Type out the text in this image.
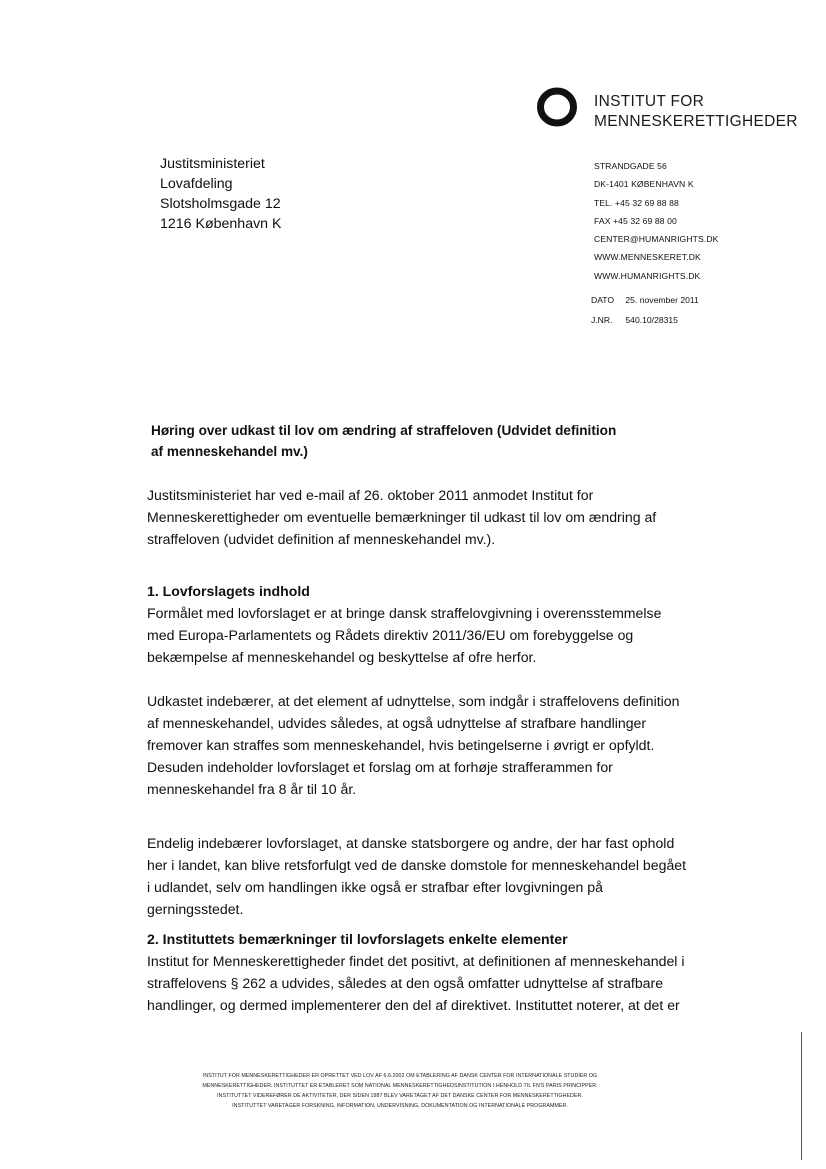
INSTITUT FOR
MENNESKERETTIGHEDER
Justitsministeriet
Lovafdeling
Slotsholmsgade 12
1216 København K
STRANDGADE 56
DK-1401 KØBENHAVN K
TEL. +45 32 69 88 88
FAX +45 32 69 88 00
CENTER@HUMANRIGHTS.DK
WWW.MENNESKERET.DK
WWW.HUMANRIGHTS.DK
DATO 25. november 2011
J.NR. 540.10/28315
Høring over udkast til lov om ændring af straffeloven (Udvidet definition af menneskehandel mv.)
Justitsministeriet har ved e-mail af 26. oktober 2011 anmodet Institut for Menneskerettigheder om eventuelle bemærkninger til udkast til lov om ændring af straffeloven (udvidet definition af menneskehandel mv.).
1. Lovforslagets indhold
Formålet med lovforslaget er at bringe dansk straffelovgivning i overensstemmelse med Europa-Parlamentets og Rådets direktiv 2011/36/EU om forebyggelse og bekæmpelse af menneskehandel og beskyttelse af ofre herfor.
Udkastet indebærer, at det element af udnyttelse, som indgår i straffelovens definition af menneskehandel, udvides således, at også udnyttelse af strafbare handlinger fremover kan straffes som menneskehandel, hvis betingelserne i øvrigt er opfyldt. Desuden indeholder lovforslaget et forslag om at forhøje strafferammen for menneskehandel fra 8 år til 10 år.
Endelig indebærer lovforslaget, at danske statsborgere og andre, der har fast ophold her i landet, kan blive retsforfulgt ved de danske domstole for menneskehandel begået i udlandet, selv om handlingen ikke også er strafbar efter lovgivningen på gerningsstedet.
2. Instituttets bemærkninger til lovforslagets enkelte elementer
Institut for Menneskerettigheder findet det positivt, at definitionen af menneskehandel i straffelovens § 262 a udvides, således at den også omfatter udnyttelse af strafbare handlinger, og dermed implementerer den del af direktivet. Instituttet noterer, at det er
INSTITUT FOR MENNESKERETTIGHEDER ER OPRETTET VED LOV AF 6.6.2002 OM ETABLERING AF DANSK CENTER FOR INTERNATIONALE STUDIER OG
MENNESKERETTIGHEDER. INSTITUTTET ER ETABLERET SOM NATIONAL MENNESKERETTIGHEDSINSTITUTION I HENHOLD TIL FN'S PARIS PRINCIPPER.
INSTITUTTET VIDEREFØRER DE AKTIVITETER, DER SIDEN 1987 BLEV VARETAGET AF DET DANSKE CENTER FOR MENNESKERETTIGHEDER.
INSTITUTTET VARETAGER FORSKNING, INFORMATION, UNDERVISNING, DOKUMENTATION OG INTERNATIONALE PROGRAMMER.
